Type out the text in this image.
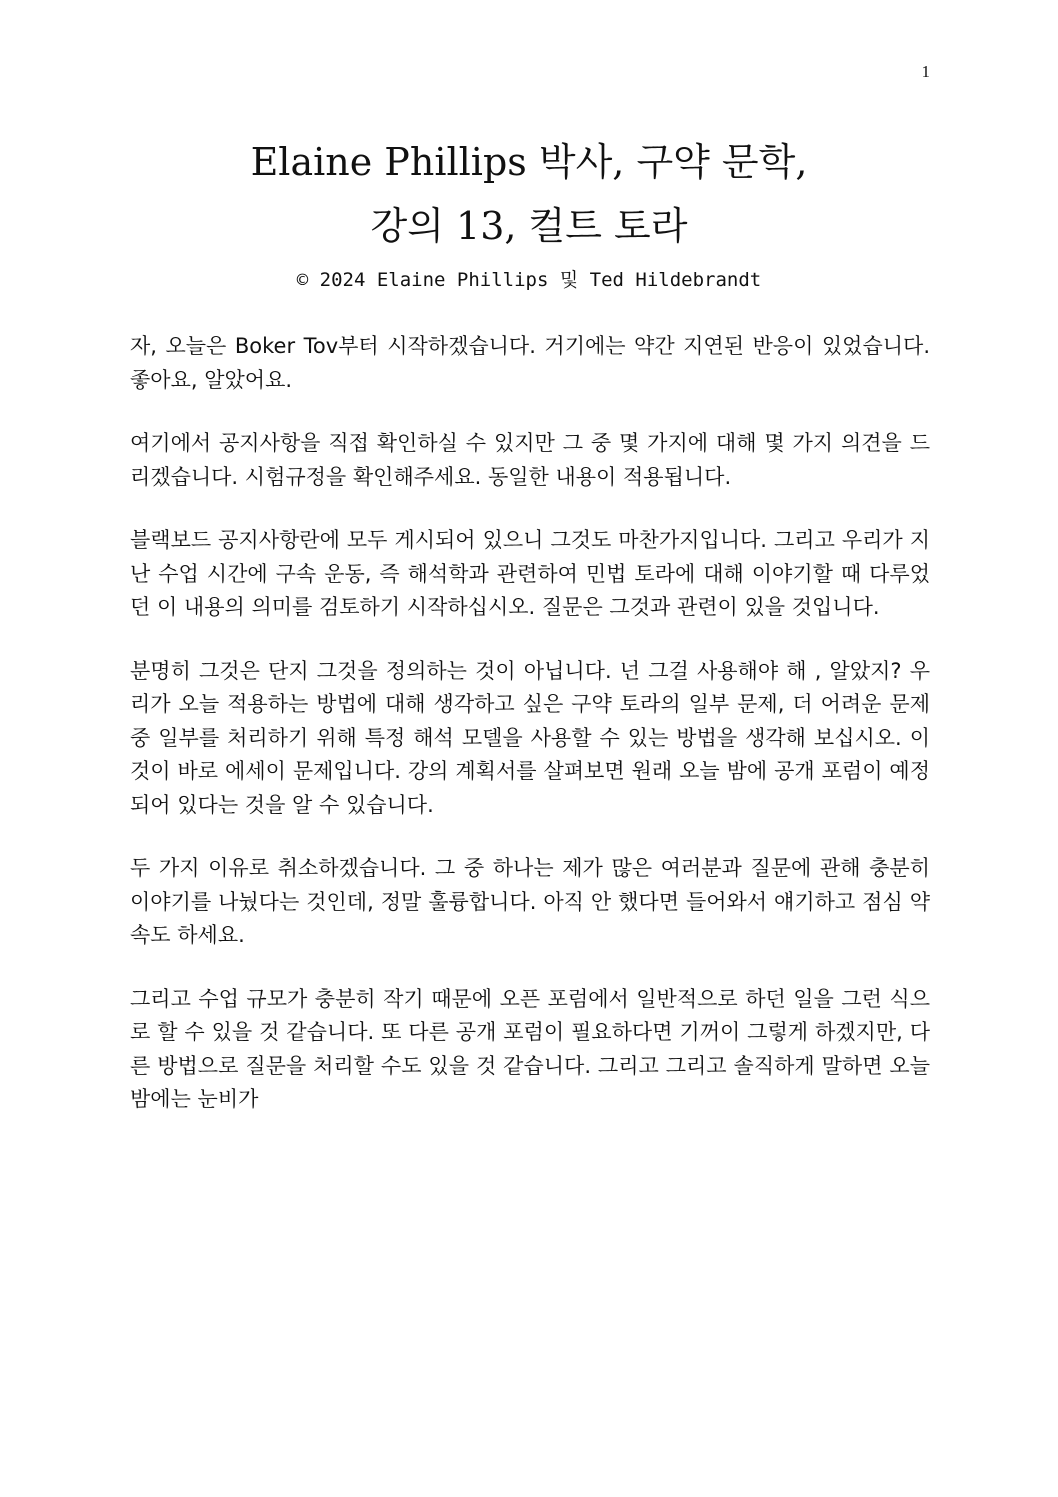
1
Elaine Phillips 박사, 구약 문학,
강의 13, 컬트 토라
© 2024 Elaine Phillips 및 Ted Hildebrandt

자, 오늘은 Boker Tov부터 시작하겠습니다. 거기에는 약간 지연된 반응이 있었습니다. 좋아요, 알았어요.

여기에서 공지사항을 직접 확인하실 수 있지만 그 중 몇 가지에 대해 몇 가지 의견을 드리겠습니다. 시험규정을 확인해주세요. 동일한 내용이 적용됩니다.

블랙보드 공지사항란에 모두 게시되어 있으니 그것도 마찬가지입니다. 그리고 우리가 지난 수업 시간에 구속 운동, 즉 해석학과 관련하여 민법 토라에 대해 이야기할 때 다루었던 이 내용의 의미를 검토하기 시작하십시오. 질문은 그것과 관련이 있을 것입니다.

분명히 그것은 단지 그것을 정의하는 것이 아닙니다. 넌 그걸 사용해야 해 , 알았지? 우리가 오늘 적용하는 방법에 대해 생각하고 싶은 구약 토라의 일부 문제, 더 어려운 문제 중 일부를 처리하기 위해 특정 해석 모델을 사용할 수 있는 방법을 생각해 보십시오. 이것이 바로 에세이 문제입니다. 강의 계획서를 살펴보면 원래 오늘 밤에 공개 포럼이 예정되어 있다는 것을 알 수 있습니다.

두 가지 이유로 취소하겠습니다. 그 중 하나는 제가 많은 여러분과 질문에 관해 충분히 이야기를 나눴다는 것인데, 정말 훌륭합니다. 아직 안 했다면 들어와서 얘기하고 점심 약속도 하세요.

그리고 수업 규모가 충분히 작기 때문에 오픈 포럼에서 일반적으로 하던 일을 그런 식으로 할 수 있을 것 같습니다. 또 다른 공개 포럼이 필요하다면 기꺼이 그렇게 하겠지만, 다른 방법으로 질문을 처리할 수도 있을 것 같습니다. 그리고 그리고 솔직하게 말하면 오늘 밤에는 눈비가
